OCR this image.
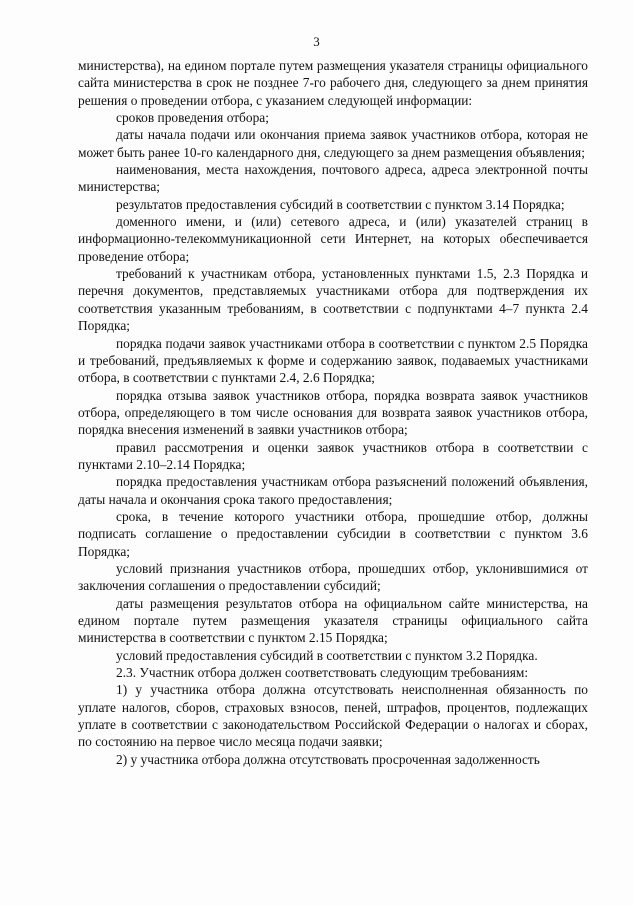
3

министерства), на едином портале путем размещения указателя страницы официального сайта министерства в срок не позднее 7-го рабочего дня, следующего за днем принятия решения о проведении отбора, с указанием следующей информации:

сроков проведения отбора;

даты начала подачи или окончания приема заявок участников отбора, которая не может быть ранее 10-го календарного дня, следующего за днем размещения объявления;

наименования, места нахождения, почтового адреса, адреса электронной почты министерства;

результатов предоставления субсидий в соответствии с пунктом 3.14 Порядка;

доменного имени, и (или) сетевого адреса, и (или) указателей страниц в информационно-телекоммуникационной сети Интернет, на которых обеспечивается проведение отбора;

требований к участникам отбора, установленных пунктами 1.5, 2.3 Порядка и перечня документов, представляемых участниками отбора для подтверждения их соответствия указанным требованиям, в соответствии с подпунктами 4–7 пункта 2.4 Порядка;

порядка подачи заявок участниками отбора в соответствии с пунктом 2.5 Порядка и требований, предъявляемых к форме и содержанию заявок, подаваемых участниками отбора, в соответствии с пунктами 2.4, 2.6 Порядка;

порядка отзыва заявок участников отбора, порядка возврата заявок участников отбора, определяющего в том числе основания для возврата заявок участников отбора, порядка внесения изменений в заявки участников отбора;

правил рассмотрения и оценки заявок участников отбора в соответствии с пунктами 2.10–2.14 Порядка;

порядка предоставления участникам отбора разъяснений положений объявления, даты начала и окончания срока такого предоставления;

срока, в течение которого участники отбора, прошедшие отбор, должны подписать соглашение о предоставлении субсидии в соответствии с пунктом 3.6 Порядка;

условий признания участников отбора, прошедших отбор, уклонившимися от заключения соглашения о предоставлении субсидий;

даты размещения результатов отбора на официальном сайте министерства, на едином портале путем размещения указателя страницы официального сайта министерства в соответствии с пунктом 2.15 Порядка;

условий предоставления субсидий в соответствии с пунктом 3.2 Порядка.

2.3. Участник отбора должен соответствовать следующим требованиям:

1) у участника отбора должна отсутствовать неисполненная обязанность по уплате налогов, сборов, страховых взносов, пеней, штрафов, процентов, подлежащих уплате в соответствии с законодательством Российской Федерации о налогах и сборах, по состоянию на первое число месяца подачи заявки;

2) у участника отбора должна отсутствовать просроченная задолженность
